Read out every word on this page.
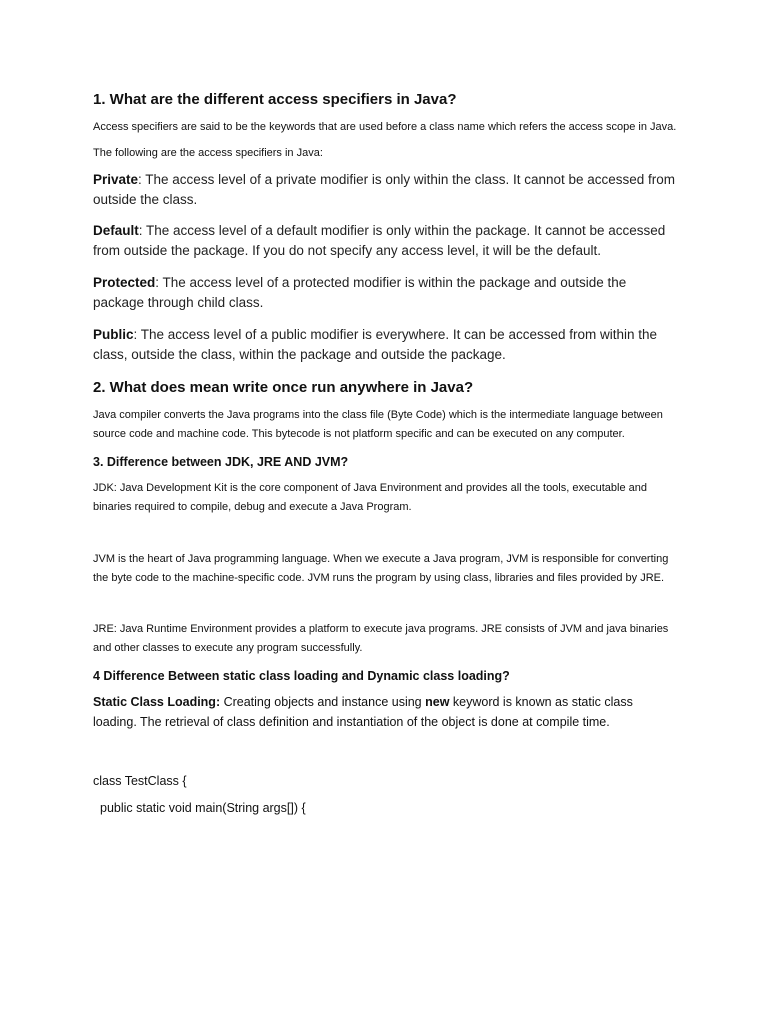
1. What are the different access specifiers in Java?

Access specifiers are said to be the keywords that are used before a class name which refers the access scope in Java.

The following are the access specifiers in Java:

Private: The access level of a private modifier is only within the class. It cannot be accessed from outside the class.

Default: The access level of a default modifier is only within the package. It cannot be accessed from outside the package. If you do not specify any access level, it will be the default.

Protected: The access level of a protected modifier is within the package and outside the package through child class.

Public: The access level of a public modifier is everywhere. It can be accessed from within the class, outside the class, within the package and outside the package.

2. What does mean write once run anywhere in Java?

Java compiler converts the Java programs into the class file (Byte Code) which is the intermediate language between source code and machine code. This bytecode is not platform specific and can be executed on any computer.

3. Difference between JDK, JRE AND JVM?

JDK: Java Development Kit is the core component of Java Environment and provides all the tools, executable and binaries required to compile, debug and execute a Java Program.

JVM is the heart of Java programming language. When we execute a Java program, JVM is responsible for converting the byte code to the machine-specific code. JVM runs the program by using class, libraries and files provided by JRE.

JRE: Java Runtime Environment provides a platform to execute java programs. JRE consists of JVM and java binaries and other classes to execute any program successfully.

4 Difference Between static class loading and Dynamic class loading?

Static Class Loading: Creating objects and instance using new keyword is known as static class loading. The retrieval of class definition and instantiation of the object is done at compile time.

class TestClass {

public static void main(String args[]) {
